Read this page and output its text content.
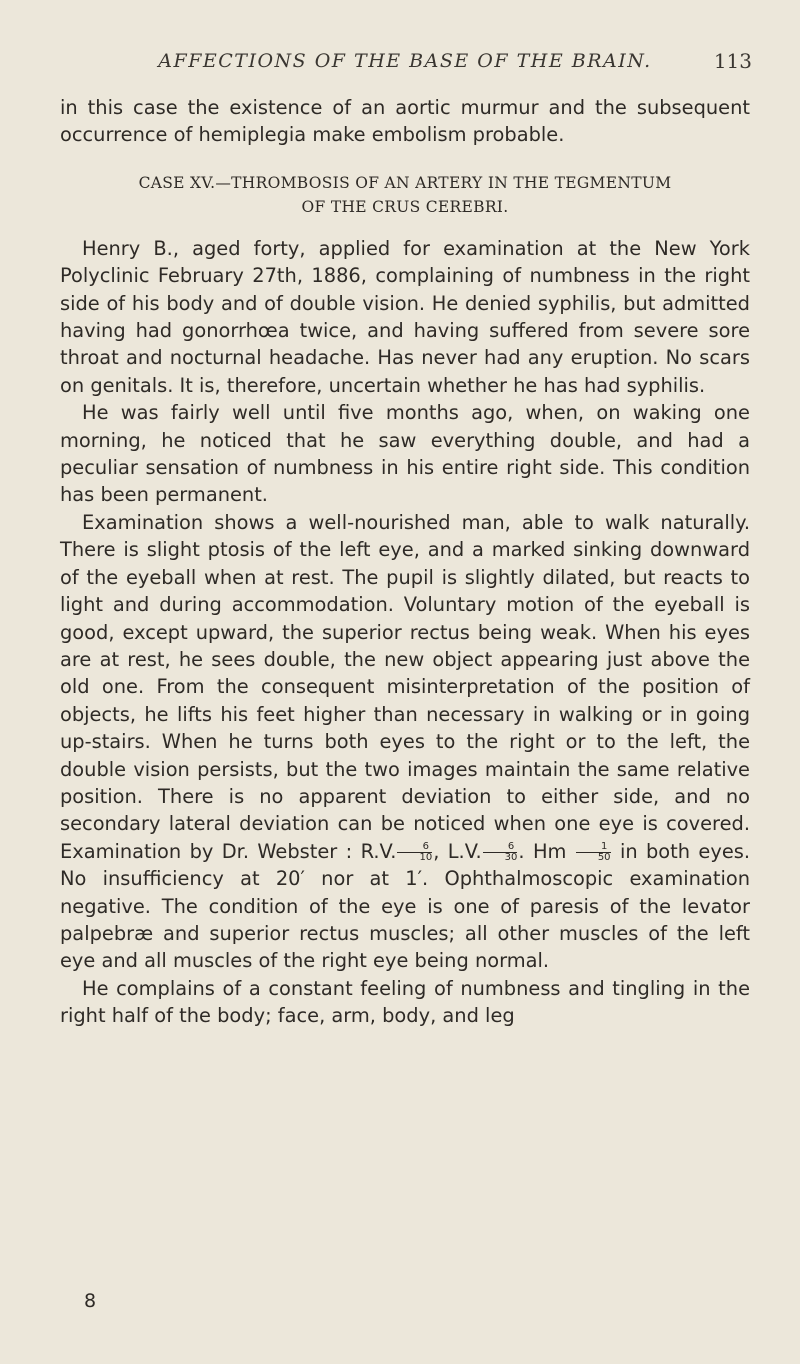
AFFECTIONS OF THE BASE OF THE BRAIN.	113

in this case the existence of an aortic murmur and the subsequent occurrence of hemiplegia make embolism probable.

CASE XV.—THROMBOSIS OF AN ARTERY IN THE TEGMENTUM
OF THE CRUS CEREBRI.

Henry B., aged forty, applied for examination at the New York Polyclinic February 27th, 1886, complaining of numbness in the right side of his body and of double vision. He denied syphilis, but admitted having had gonorrhœa twice, and having suffered from severe sore throat and nocturnal headache. Has never had any eruption. No scars on genitals. It is, therefore, uncertain whether he has had syphilis.

He was fairly well until five months ago, when, on waking one morning, he noticed that he saw everything double, and had a peculiar sensation of numbness in his entire right side. This condition has been permanent.

Examination shows a well-nourished man, able to walk naturally. There is slight ptosis of the left eye, and a marked sinking downward of the eyeball when at rest. The pupil is slightly dilated, but reacts to light and during accommodation. Voluntary motion of the eyeball is good, except upward, the superior rectus being weak. When his eyes are at rest, he sees double, the new object appearing just above the old one. From the consequent misinterpretation of the position of objects, he lifts his feet higher than necessary in walking or in going up-stairs. When he turns both eyes to the right or to the left, the double vision persists, but the two images maintain the same relative position. There is no apparent deviation to either side, and no secondary lateral deviation can be noticed when one eye is covered. Examination by Dr. Webster : R.V. $\frac{6}{10}$ , L.V. $\frac{6}{30}$ . Hm $\frac{1}{50}$ in both eyes. No insufficiency at 20′ nor at 1′. Ophthalmoscopic examination negative. The condition of the eye is one of paresis of the levator palpebræ and superior rectus muscles; all other muscles of the left eye and all muscles of the right eye being normal.

He complains of a constant feeling of numbness and tingling in the right half of the body; face, arm, body, and leg

8
